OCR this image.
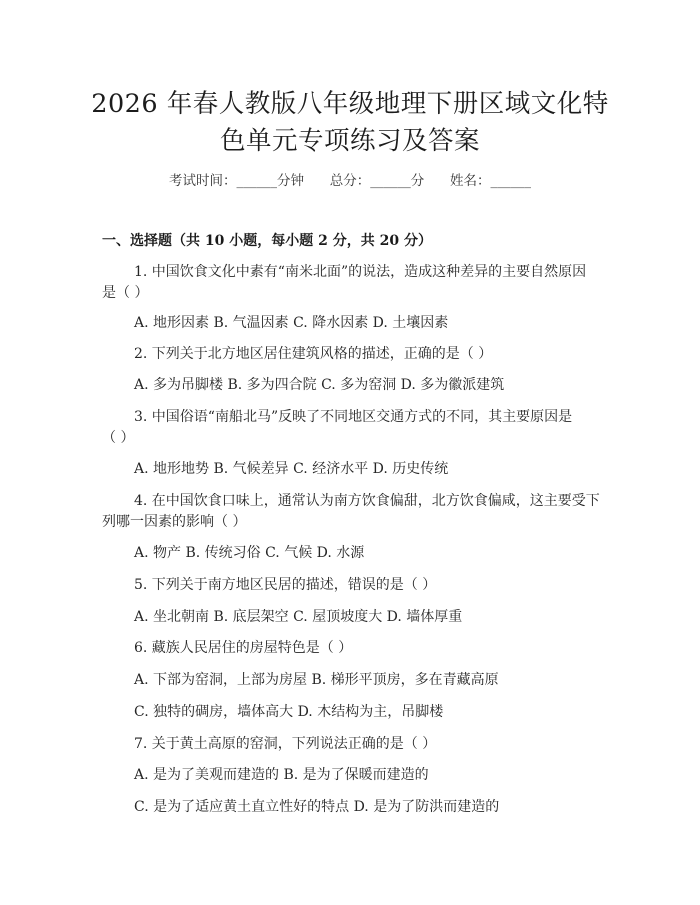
2026 年春人教版八年级地理下册区域文化特
色单元专项练习及答案
考试时间：______分钟 总分：______分 姓名：______
一、选择题（共 10 小题，每小题 2 分，共 20 分）
1. 中国饮食文化中素有“南米北面”的说法，造成这种差异的主要自然原因
是（ ）
A. 地形因素 B. 气温因素 C. 降水因素 D. 土壤因素
2. 下列关于北方地区居住建筑风格的描述，正确的是（ ）
A. 多为吊脚楼 B. 多为四合院 C. 多为窑洞 D. 多为徽派建筑
3. 中国俗语“南船北马”反映了不同地区交通方式的不同，其主要原因是
（ ）
A. 地形地势 B. 气候差异 C. 经济水平 D. 历史传统
4. 在中国饮食口味上，通常认为南方饮食偏甜，北方饮食偏咸，这主要受下
列哪一因素的影响（ ）
A. 物产 B. 传统习俗 C. 气候 D. 水源
5. 下列关于南方地区民居的描述，错误的是（ ）
A. 坐北朝南 B. 底层架空 C. 屋顶坡度大 D. 墙体厚重
6. 藏族人民居住的房屋特色是（ ）
A. 下部为窑洞，上部为房屋 B. 梯形平顶房，多在青藏高原
C. 独特的碉房，墙体高大 D. 木结构为主，吊脚楼
7. 关于黄土高原的窑洞，下列说法正确的是（ ）
A. 是为了美观而建造的 B. 是为了保暖而建造的
C. 是为了适应黄土直立性好的特点 D. 是为了防洪而建造的
